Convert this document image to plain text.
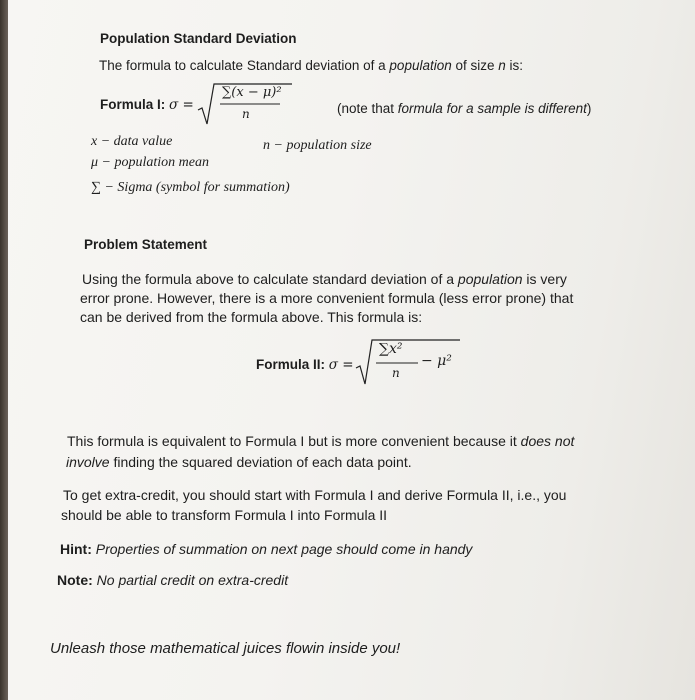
Population Standard Deviation
The formula to calculate Standard deviation of a population of size n is:
Formula I: σ =
∑(x − μ)²
n	(note that formula for a sample is different)
x − data value	n − population size
μ − population mean
∑ − Sigma (symbol for summation)
Problem Statement
Using the formula above to calculate standard deviation of a population is very
error prone. However, there is a more convenient formula (less error prone) that
can be derived from the formula above. This formula is:
Formula II: σ =
∑x²
n
− μ²
This formula is equivalent to Formula I but is more convenient because it does not
involve finding the squared deviation of each data point.
To get extra-credit, you should start with Formula I and derive Formula II, i.e., you
should be able to transform Formula I into Formula II
Hint: Properties of summation on next page should come in handy
Note: No partial credit on extra-credit
Unleash those mathematical juices flowin inside you!
